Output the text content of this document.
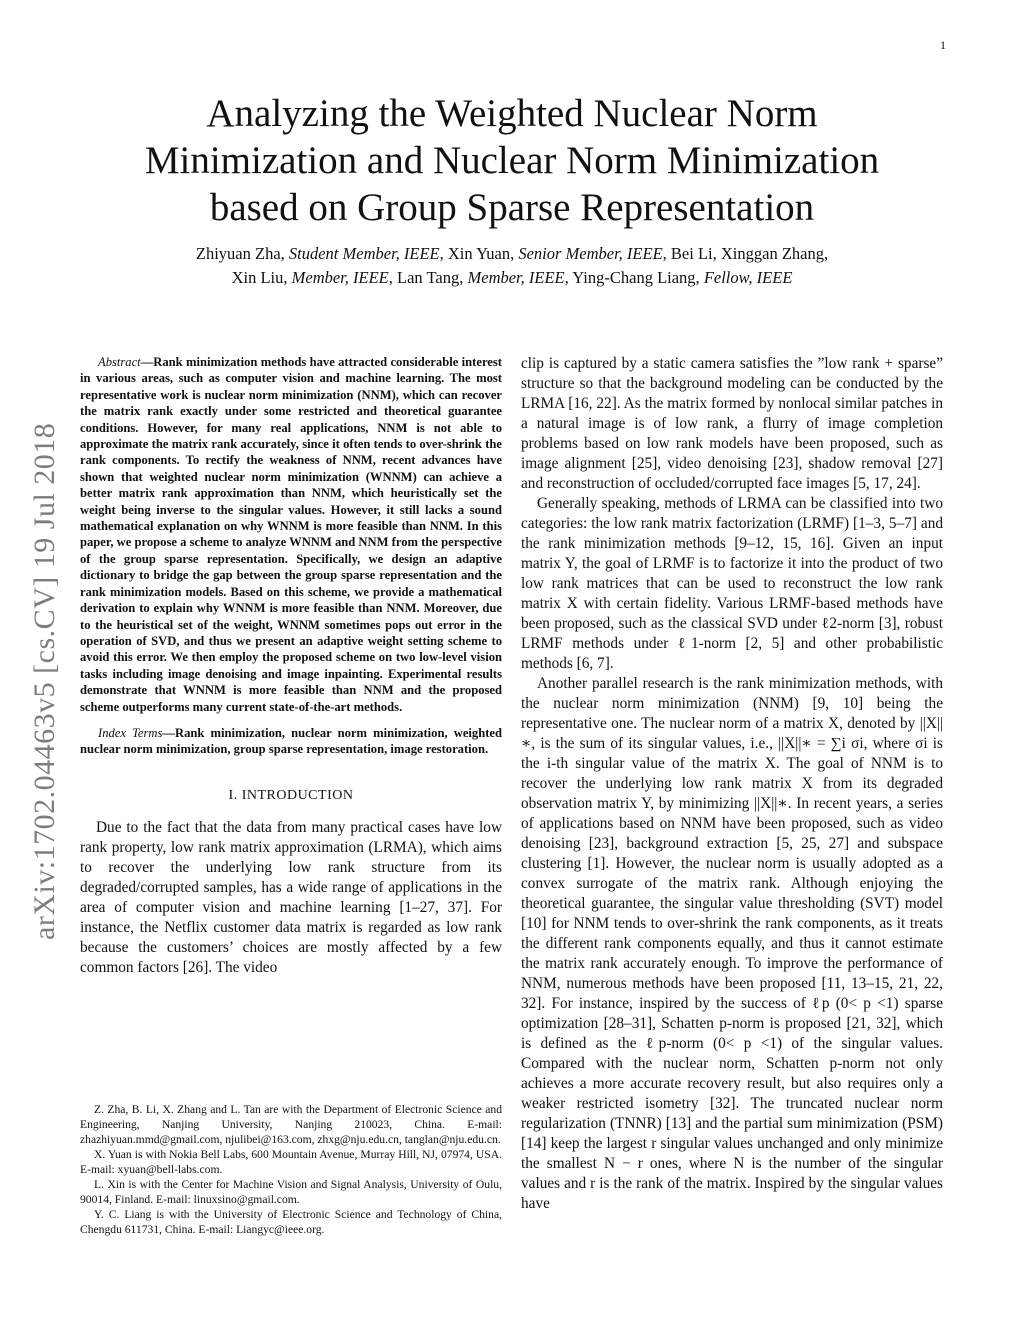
1
arXiv:1702.04463v5 [cs.CV] 19 Jul 2018
Analyzing the Weighted Nuclear Norm Minimization and Nuclear Norm Minimization based on Group Sparse Representation
Zhiyuan Zha, Student Member, IEEE, Xin Yuan, Senior Member, IEEE, Bei Li, Xinggan Zhang,
Xin Liu, Member, IEEE, Lan Tang, Member, IEEE, Ying-Chang Liang, Fellow, IEEE

Abstract—Rank minimization methods have attracted considerable interest in various areas, such as computer vision and machine learning. The most representative work is nuclear norm minimization (NNM), which can recover the matrix rank exactly under some restricted and theoretical guarantee conditions. However, for many real applications, NNM is not able to approximate the matrix rank accurately, since it often tends to over-shrink the rank components. To rectify the weakness of NNM, recent advances have shown that weighted nuclear norm minimization (WNNM) can achieve a better matrix rank approximation than NNM, which heuristically set the weight being inverse to the singular values. However, it still lacks a sound mathematical explanation on why WNNM is more feasible than NNM. In this paper, we propose a scheme to analyze WNNM and NNM from the perspective of the group sparse representation. Specifically, we design an adaptive dictionary to bridge the gap between the group sparse representation and the rank minimization models. Based on this scheme, we provide a mathematical derivation to explain why WNNM is more feasible than NNM. Moreover, due to the heuristical set of the weight, WNNM sometimes pops out error in the operation of SVD, and thus we present an adaptive weight setting scheme to avoid this error. We then employ the proposed scheme on two low-level vision tasks including image denoising and image inpainting. Experimental results demonstrate that WNNM is more feasible than NNM and the proposed scheme outperforms many current state-of-the-art methods.

Index Terms—Rank minimization, nuclear norm minimization, weighted nuclear norm minimization, group sparse representation, image restoration.

I. INTRODUCTION

Due to the fact that the data from many practical cases have low rank property, low rank matrix approximation (LRMA), which aims to recover the underlying low rank structure from its degraded/corrupted samples, has a wide range of applications in the area of computer vision and machine learning [1–27, 37]. For instance, the Netflix customer data matrix is regarded as low rank because the customers’ choices are mostly affected by a few common factors [26]. The video

Z. Zha, B. Li, X. Zhang and L. Tan are with the Department of Electronic Science and Engineering, Nanjing University, Nanjing 210023, China. E-mail: zhazhiyuan.mmd@gmail.com, njulibei@163.com, zhxg@nju.edu.cn, tanglan@nju.edu.cn.

X. Yuan is with Nokia Bell Labs, 600 Mountain Avenue, Murray Hill, NJ, 07974, USA. E-mail: xyuan@bell-labs.com.

L. Xin is with the Center for Machine Vision and Signal Analysis, University of Oulu, 90014, Finland. E-mail: linuxsino@gmail.com.

Y. C. Liang is with the University of Electronic Science and Technology of China, Chengdu 611731, China. E-mail: Liangyc@ieee.org.

clip is captured by a static camera satisfies the ”low rank + sparse” structure so that the background modeling can be conducted by the LRMA [16, 22]. As the matrix formed by nonlocal similar patches in a natural image is of low rank, a flurry of image completion problems based on low rank models have been proposed, such as image alignment [25], video denoising [23], shadow removal [27] and reconstruction of occluded/corrupted face images [5, 17, 24].

Generally speaking, methods of LRMA can be classified into two categories: the low rank matrix factorization (LRMF) [1–3, 5–7] and the rank minimization methods [9–12, 15, 16]. Given an input matrix Y, the goal of LRMF is to factorize it into the product of two low rank matrices that can be used to reconstruct the low rank matrix X with certain fidelity. Various LRMF-based methods have been proposed, such as the classical SVD under ℓ2-norm [3], robust LRMF methods under ℓ1-norm [2, 5] and other probabilistic methods [6, 7].

Another parallel research is the rank minimization methods, with the nuclear norm minimization (NNM) [9, 10] being the representative one. The nuclear norm of a matrix X, denoted by ||X||∗, is the sum of its singular values, i.e., ||X||∗ = ∑i σi, where σi is the i-th singular value of the matrix X. The goal of NNM is to recover the underlying low rank matrix X from its degraded observation matrix Y, by minimizing ||X||∗. In recent years, a series of applications based on NNM have been proposed, such as video denoising [23], background extraction [5, 25, 27] and subspace clustering [1]. However, the nuclear norm is usually adopted as a convex surrogate of the matrix rank. Although enjoying the theoretical guarantee, the singular value thresholding (SVT) model [10] for NNM tends to over-shrink the rank components, as it treats the different rank components equally, and thus it cannot estimate the matrix rank accurately enough. To improve the performance of NNM, numerous methods have been proposed [11, 13–15, 21, 22, 32]. For instance, inspired by the success of ℓp (0< p <1) sparse optimization [28–31], Schatten p-norm is proposed [21, 32], which is defined as the ℓp-norm (0< p <1) of the singular values. Compared with the nuclear norm, Schatten p-norm not only achieves a more accurate recovery result, but also requires only a weaker restricted isometry [32]. The truncated nuclear norm regularization (TNNR) [13] and the partial sum minimization (PSM) [14] keep the largest r singular values unchanged and only minimize the smallest N − r ones, where N is the number of the singular values and r is the rank of the matrix. Inspired by the singular values have
